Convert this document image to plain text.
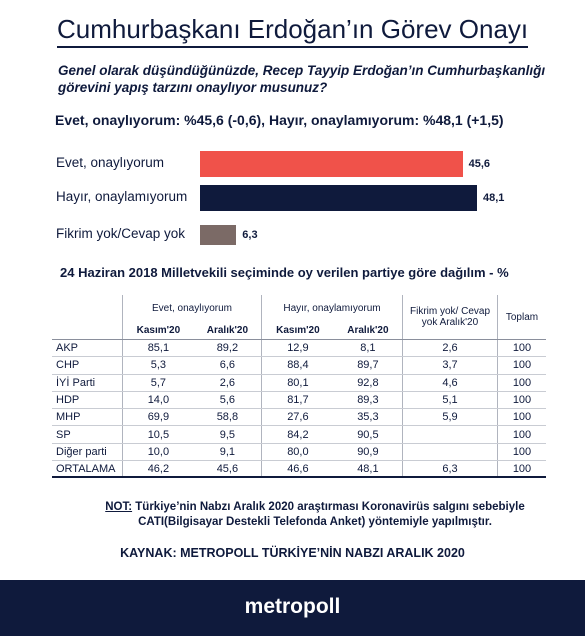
Cumhurbaşkanı Erdoğan’ın Görev Onayı
Genel olarak düşündüğünüzde, Recep Tayyip Erdoğan’ın Cumhurbaşkanlığı görevini yapış tarzını onaylıyor musunuz?
Evet, onaylıyorum: %45,6 (-0,6), Hayır, onaylamıyorum: %48,1 (+1,5)
Evet, onaylıyorum	45,6
Hayır, onaylamıyorum	48,1
Fikrim yok/Cevap yok	6,3
24 Haziran 2018 Milletvekili seçiminde oy verilen partiye göre dağılım - %
	Evet, onaylıyorum		Hayır, onaylamıyorum		Fikrim yok/ Cevap yok Aralık'20	Toplam
	Kasım'20	Aralık'20	Kasım'20	Aralık'20		
AKP	85,1	89,2	12,9	8,1	2,6	100
CHP	5,3	6,6	88,4	89,7	3,7	100
İYİ Parti	5,7	2,6	80,1	92,8	4,6	100
HDP	14,0	5,6	81,7	89,3	5,1	100
MHP	69,9	58,8	27,6	35,3	5,9	100
SP	10,5	9,5	84,2	90,5		100
Diğer parti	10,0	9,1	80,0	90,9		100
ORTALAMA	46,2	45,6	46,6	48,1	6,3	100
NOT: Türkiye’nin Nabzı Aralık 2020 araştırması Koronavirüs salgını sebebiyle CATI(Bilgisayar Destekli Telefonda Anket) yöntemiyle yapılmıştır.
KAYNAK: METROPOLL TÜRKİYE’NİN NABZI ARALIK 2020
metropoll
